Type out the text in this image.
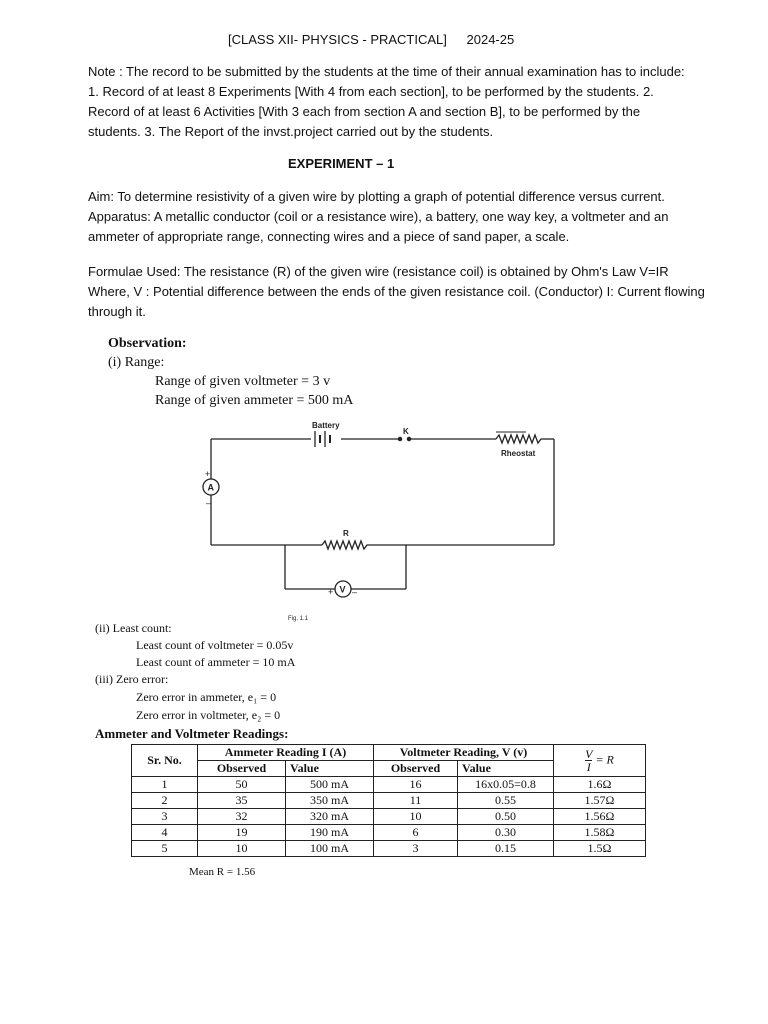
[CLASS XII- PHYSICS - PRACTICAL] 2024-25
Note : The record to be submitted by the students at the time of their annual examination has to include: 1. Record of at least 8 Experiments [With 4 from each section], to be performed by the students. 2. Record of at least 6 Activities [With 3 each from section A and section B], to be performed by the students. 3. The Report of the invst.project carried out by the students.
EXPERIMENT – 1
Aim: To determine resistivity of a given wire by plotting a graph of potential difference versus current. Apparatus: A metallic conductor (coil or a resistance wire), a battery, one way key, a voltmeter and an ammeter of appropriate range, connecting wires and a piece of sand paper, a scale.
Formulae Used: The resistance (R) of the given wire (resistance coil) is obtained by Ohm's Law V=IR Where, V : Potential difference between the ends of the given resistance coil. (Conductor) I: Current flowing through it.
Observation:
(i) Range:
Range of given voltmeter = 3 v
Range of given ammeter = 500 mA
Battery
K
Rheostat
A
+
–
R
V
+ –
Fig. 1.1
(ii) Least count:
Least count of voltmeter = 0.05v
Least count of ammeter = 10 mA
(iii) Zero error:
Zero error in ammeter, e₁ = 0
Zero error in voltmeter, e₂ = 0
Ammeter and Voltmeter Readings:
Sr. No.	Ammeter Reading I (A)		Voltmeter Reading, V (v)		$\frac{V}{I} = R$
	Observed	Value	Observed	Value	
1	50	500 mA	16	16x0.05=0.8	1.6Ω
2	35	350 mA	11	0.55	1.57Ω
3	32	320 mA	10	0.50	1.56Ω
4	19	190 mA	6	0.30	1.58Ω
5	10	100 mA	3	0.15	1.5Ω
Mean R = 1.56
